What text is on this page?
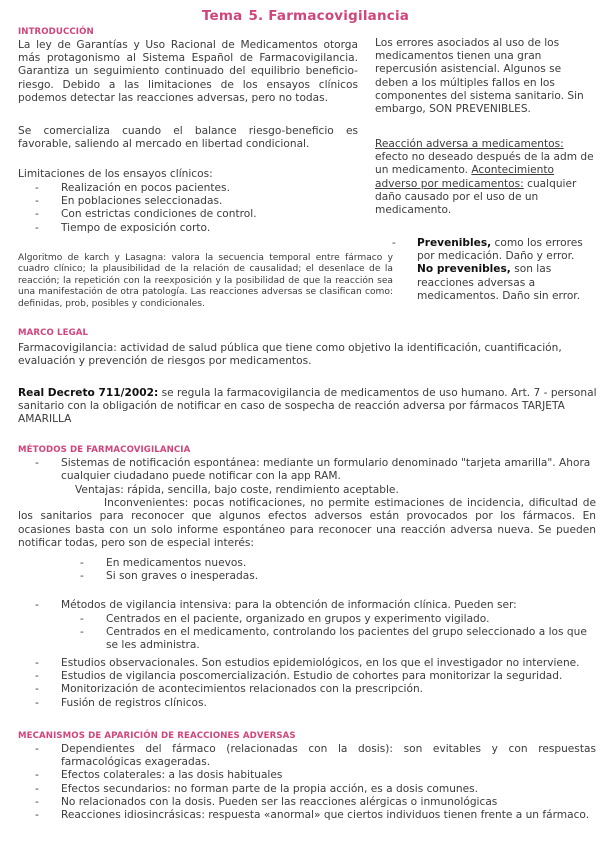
Tema 5. Farmacovigilancia
INTRODUCCIÓN
La ley de Garantías y Uso Racional de Medicamentos otorga más protagonismo al Sistema Español de Farmacovigilancia. Garantiza un seguimiento continuado del equilibrio beneficio-riesgo. Debido a las limitaciones de los ensayos clínicos podemos detectar las reacciones adversas, pero no todas.
Se comercializa cuando el balance riesgo-beneficio es favorable, saliendo al mercado en libertad condicional.
Limitaciones de los ensayos clínicos:
- Realización en pocos pacientes.
- En poblaciones seleccionadas.
- Con estrictas condiciones de control.
- Tiempo de exposición corto.
Algoritmo de karch y Lasagna: valora la secuencia temporal entre fármaco y cuadro clínico; la plausibilidad de la relación de causalidad; el desenlace de la reacción; la repetición con la reexposición y la posibilidad de que la reacción sea una manifestación de otra patología. Las reacciones adversas se clasifican como: definidas, prob, posibles y condicionales.
Los errores asociados al uso de los medicamentos tienen una gran repercusión asistencial. Algunos se deben a los múltiples fallos en los componentes del sistema sanitario. Sin embargo, SON PREVENIBLES.
Reacción adversa a medicamentos: efecto no deseado después de la adm de un medicamento. Acontecimiento adverso por medicamentos: cualquier daño causado por el uso de un medicamento.
- Prevenibles, como los errores por medicación. Daño y error.
No prevenibles, son las reacciones adversas a medicamentos. Daño sin error.
MARCO LEGAL
Farmacovigilancia: actividad de salud pública que tiene como objetivo la identificación, cuantificación, evaluación y prevención de riesgos por medicamentos.
Real Decreto 711/2002: se regula la farmacovigilancia de medicamentos de uso humano. Art. 7 - personal sanitario con la obligación de notificar en caso de sospecha de reacción adversa por fármacos TARJETA AMARILLA
MÉTODOS DE FARMACOVIGILANCIA
- Sistemas de notificación espontánea: mediante un formulario denominado "tarjeta amarilla". Ahora cualquier ciudadano puede notificar con la app RAM.
Ventajas: rápida, sencilla, bajo coste, rendimiento aceptable.
Inconvenientes: pocas notificaciones, no permite estimaciones de incidencia, dificultad de los sanitarios para reconocer que algunos efectos adversos están provocados por los fármacos. En ocasiones basta con un solo informe espontáneo para reconocer una reacción adversa nueva. Se pueden notificar todas, pero son de especial interés:
- En medicamentos nuevos.
- Si son graves o inesperadas.
- Métodos de vigilancia intensiva: para la obtención de información clínica. Pueden ser:
- Centrados en el paciente, organizado en grupos y experimento vigilado.
- Centrados en el medicamento, controlando los pacientes del grupo seleccionado a los que se les administra.
- Estudios observacionales. Son estudios epidemiológicos, en los que el investigador no interviene.
- Estudios de vigilancia poscomercialización. Estudio de cohortes para monitorizar la seguridad.
- Monitorización de acontecimientos relacionados con la prescripción.
- Fusión de registros clínicos.
MECANISMOS DE APARICIÓN DE REACCIONES ADVERSAS
- Dependientes del fármaco (relacionadas con la dosis): son evitables y con respuestas farmacológicas exageradas.
- Efectos colaterales: a las dosis habituales
- Efectos secundarios: no forman parte de la propia acción, es a dosis comunes.
- No relacionados con la dosis. Pueden ser las reacciones alérgicas o inmunológicas
- Reacciones idiosincrásicas: respuesta «anormal» que ciertos individuos tienen frente a un fármaco.
